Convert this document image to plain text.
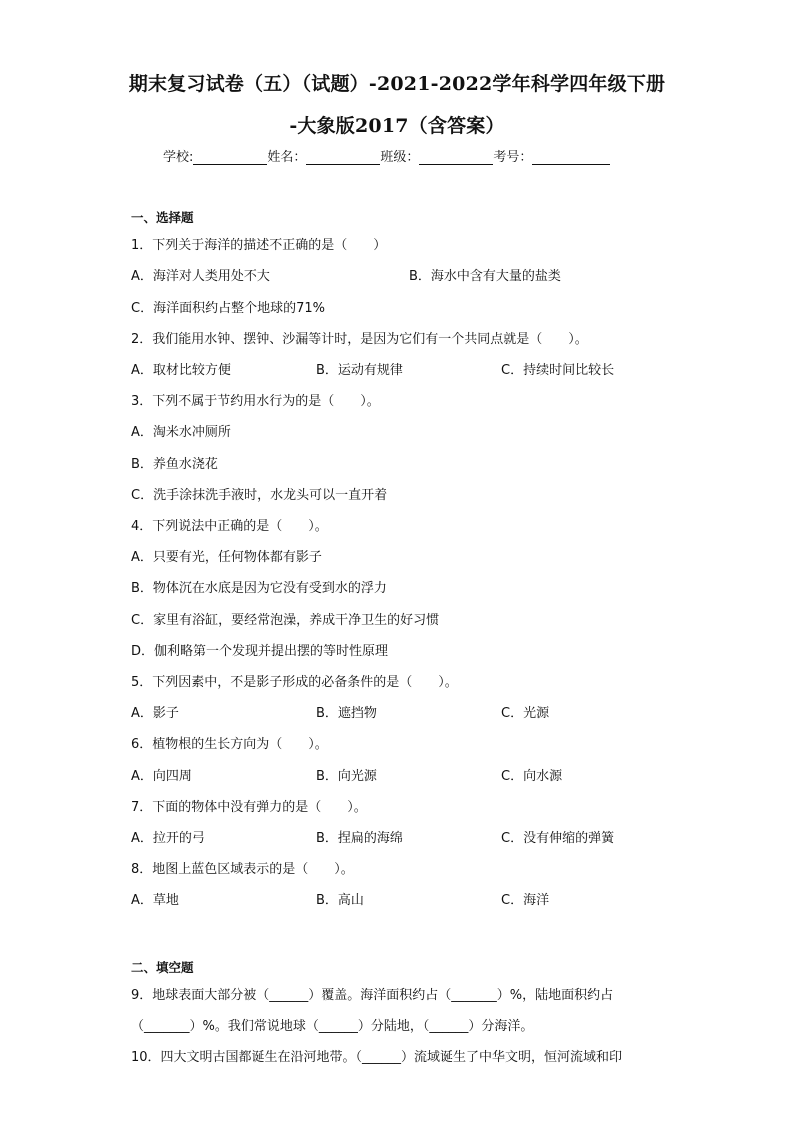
期末复习试卷（五）（试题）-2021-2022学年科学四年级下册
-大象版2017（含答案）
学校:	姓名：	班级：	考号：
一、选择题
1．下列关于海洋的描述不正确的是（　　）
A．海洋对人类用处不大	B．海水中含有大量的盐类
C．海洋面积约占整个地球的71%
2．我们能用水钟、摆钟、沙漏等计时，是因为它们有一个共同点就是（　　）。
A．取材比较方便	B．运动有规律	C．持续时间比较长
3．下列不属于节约用水行为的是（　　）。
A．淘米水冲厕所
B．养鱼水浇花
C．洗手涂抹洗手液时，水龙头可以一直开着
4．下列说法中正确的是（　　）。
A．只要有光，任何物体都有影子
B．物体沉在水底是因为它没有受到水的浮力
C．家里有浴缸，要经常泡澡，养成干净卫生的好习惯
D．伽利略第一个发现并提出摆的等时性原理
5．下列因素中，不是影子形成的必备条件的是（　　）。
A．影子	B．遮挡物	C．光源
6．植物根的生长方向为（　　）。
A．向四周	B．向光源	C．向水源
7．下面的物体中没有弹力的是（　　）。
A．拉开的弓	B．捏扁的海绵	C．没有伸缩的弹簧
8．地图上蓝色区域表示的是（　　）。
A．草地	B．高山	C．海洋
二、填空题
9．地球表面大部分被（______）覆盖。海洋面积约占（_______）%，陆地面积约占
（_______）%。我们常说地球（______）分陆地，（______）分海洋。
10．四大文明古国都诞生在沿河地带。（______）流域诞生了中华文明，恒河流域和印
